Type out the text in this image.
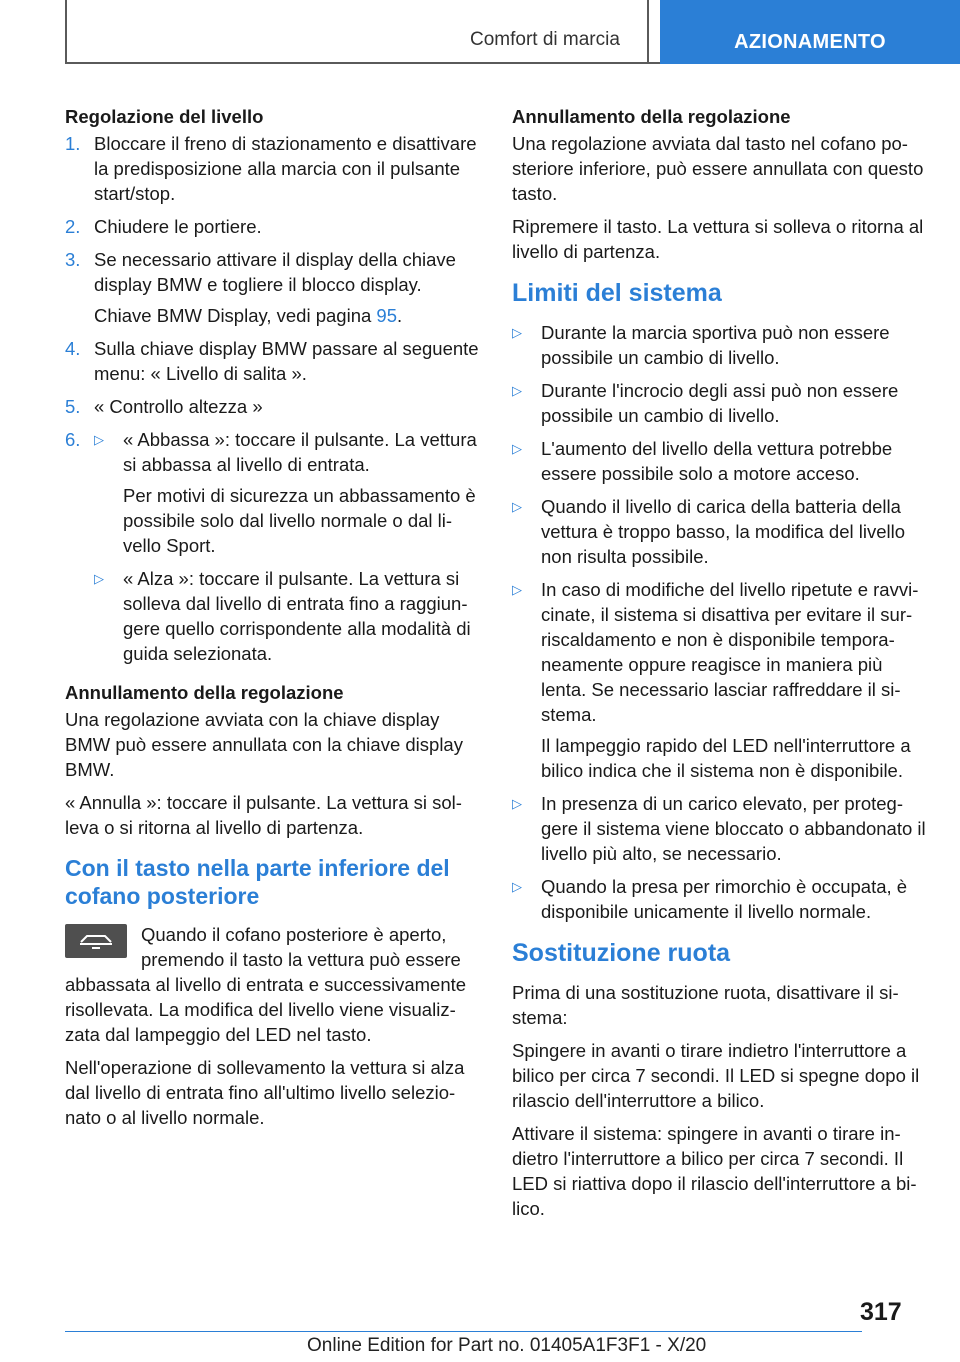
Comfort di marcia	AZIONAMENTO
Regolazione del livello
1. Bloccare il freno di stazionamento e disattivare la predisposizione alla marcia con il pulsante start/stop.
2. Chiudere le portiere.
3. Se necessario attivare il display della chiave display BMW e togliere il blocco display.
Chiave BMW Display, vedi pagina 95.
4. Sulla chiave display BMW passare al seguente menu: « Livello di salita ».
5. « Controllo altezza »
6. ▷ « Abbassa »: toccare il pulsante. La vettura si abbassa al livello di entrata.
Per motivi di sicurezza un abbassamento è possibile solo dal livello normale o dal livello Sport.
▷ « Alza »: toccare il pulsante. La vettura si solleva dal livello di entrata fino a raggiungere quello corrispondente alla modalità di guida selezionata.
Annullamento della regolazione

Una regolazione avviata con la chiave display BMW può essere annullata con la chiave display BMW.

« Annulla »: toccare il pulsante. La vettura si solleva o si ritorna al livello di partenza.

Con il tasto nella parte inferiore del cofano posteriore

Quando il cofano posteriore è aperto, premendo il tasto la vettura può essere abbassata al livello di entrata e successivamente risollevata. La modifica del livello viene visualizzata dal lampeggio del LED nel tasto.

Nell'operazione di sollevamento la vettura si alza dal livello di entrata fino all'ultimo livello selezionato o al livello normale.

Annullamento della regolazione

Una regolazione avviata dal tasto nel cofano posteriore inferiore, può essere annullata con questo tasto.

Ripremere il tasto. La vettura si solleva o ritorna al livello di partenza.

Limiti del sistema
▷ Durante la marcia sportiva può non essere possibile un cambio di livello.
▷ Durante l'incrocio degli assi può non essere possibile un cambio di livello.
▷ L'aumento del livello della vettura potrebbe essere possibile solo a motore acceso.
▷ Quando il livello di carica della batteria della vettura è troppo basso, la modifica del livello non risulta possibile.
▷ In caso di modifiche del livello ripetute e ravvicinate, il sistema si disattiva per evitare il surriscaldamento e non è disponibile temporaneamente oppure reagisce in maniera più lenta. Se necessario lasciar raffreddare il sistema.
Il lampeggio rapido del LED nell'interruttore a bilico indica che il sistema non è disponibile.
▷ In presenza di un carico elevato, per proteggere il sistema viene bloccato o abbandonato il livello più alto, se necessario.
▷ Quando la presa per rimorchio è occupata, è disponibile unicamente il livello normale.
Sostituzione ruota

Prima di una sostituzione ruota, disattivare il sistema:

Spingere in avanti o tirare indietro l'interruttore a bilico per circa 7 secondi. Il LED si spegne dopo il rilascio dell'interruttore a bilico.

Attivare il sistema: spingere in avanti o tirare indietro l'interruttore a bilico per circa 7 secondi. Il LED si riattiva dopo il rilascio dell'interruttore a bilico.

317
Online Edition for Part no. 01405A1F3F1 - X/20
